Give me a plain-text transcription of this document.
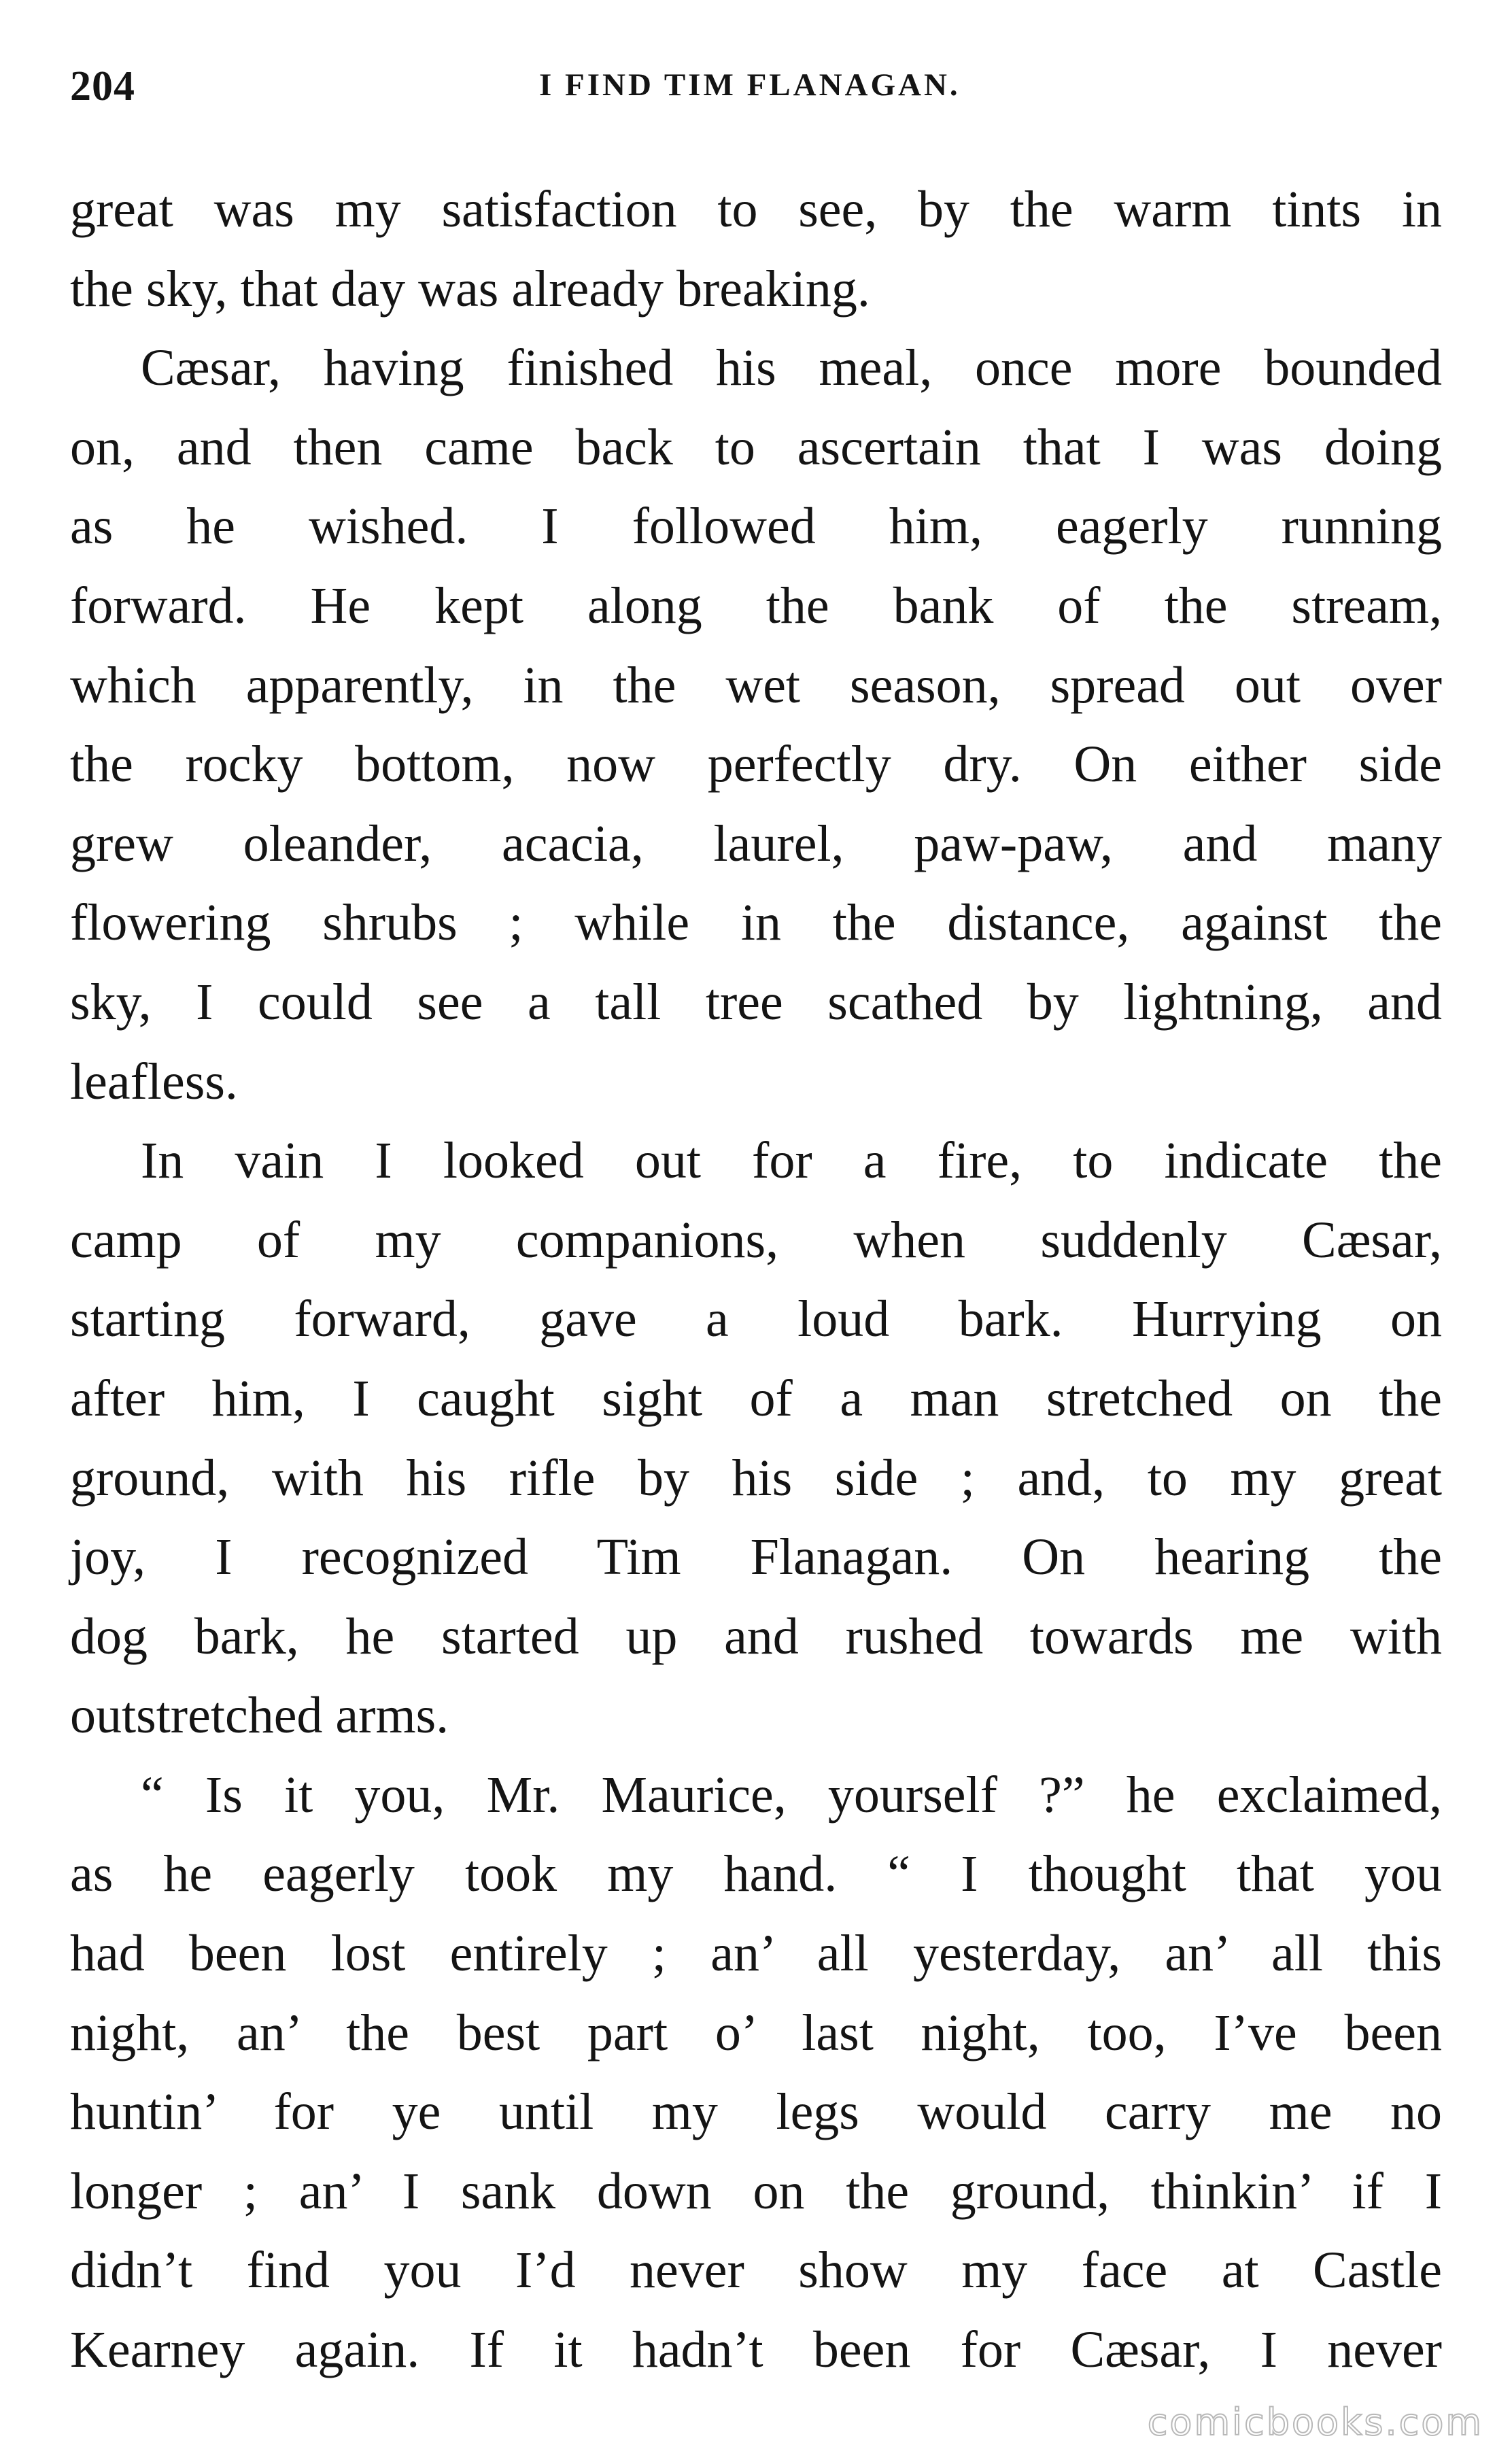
204	I FIND TIM FLANAGAN.
great was my satisfaction to see, by the warm tints in
the sky, that day was already breaking.
Cæsar, having finished his meal, once more bounded
on, and then came back to ascertain that I was doing
as he wished. I followed him, eagerly running
forward. He kept along the bank of the stream,
which apparently, in the wet season, spread out over
the rocky bottom, now perfectly dry. On either side
grew oleander, acacia, laurel, paw-paw, and many
flowering shrubs ; while in the distance, against the
sky, I could see a tall tree scathed by lightning, and
leafless.
In vain I looked out for a fire, to indicate the
camp of my companions, when suddenly Cæsar,
starting forward, gave a loud bark. Hurrying on
after him, I caught sight of a man stretched on the
ground, with his rifle by his side ; and, to my great
joy, I recognized Tim Flanagan. On hearing the
dog bark, he started up and rushed towards me with
outstretched arms.
“ Is it you, Mr. Maurice, yourself ?” he exclaimed,
as he eagerly took my hand. “ I thought that you
had been lost entirely ; an’ all yesterday, an’ all this
night, an’ the best part o’ last night, too, I’ve been
huntin’ for ye until my legs would carry me no
longer ; an’ I sank down on the ground, thinkin’ if I
didn’t find you I’d never show my face at Castle
Kearney again. If it hadn’t been for Cæsar, I never
comicbooks.com
